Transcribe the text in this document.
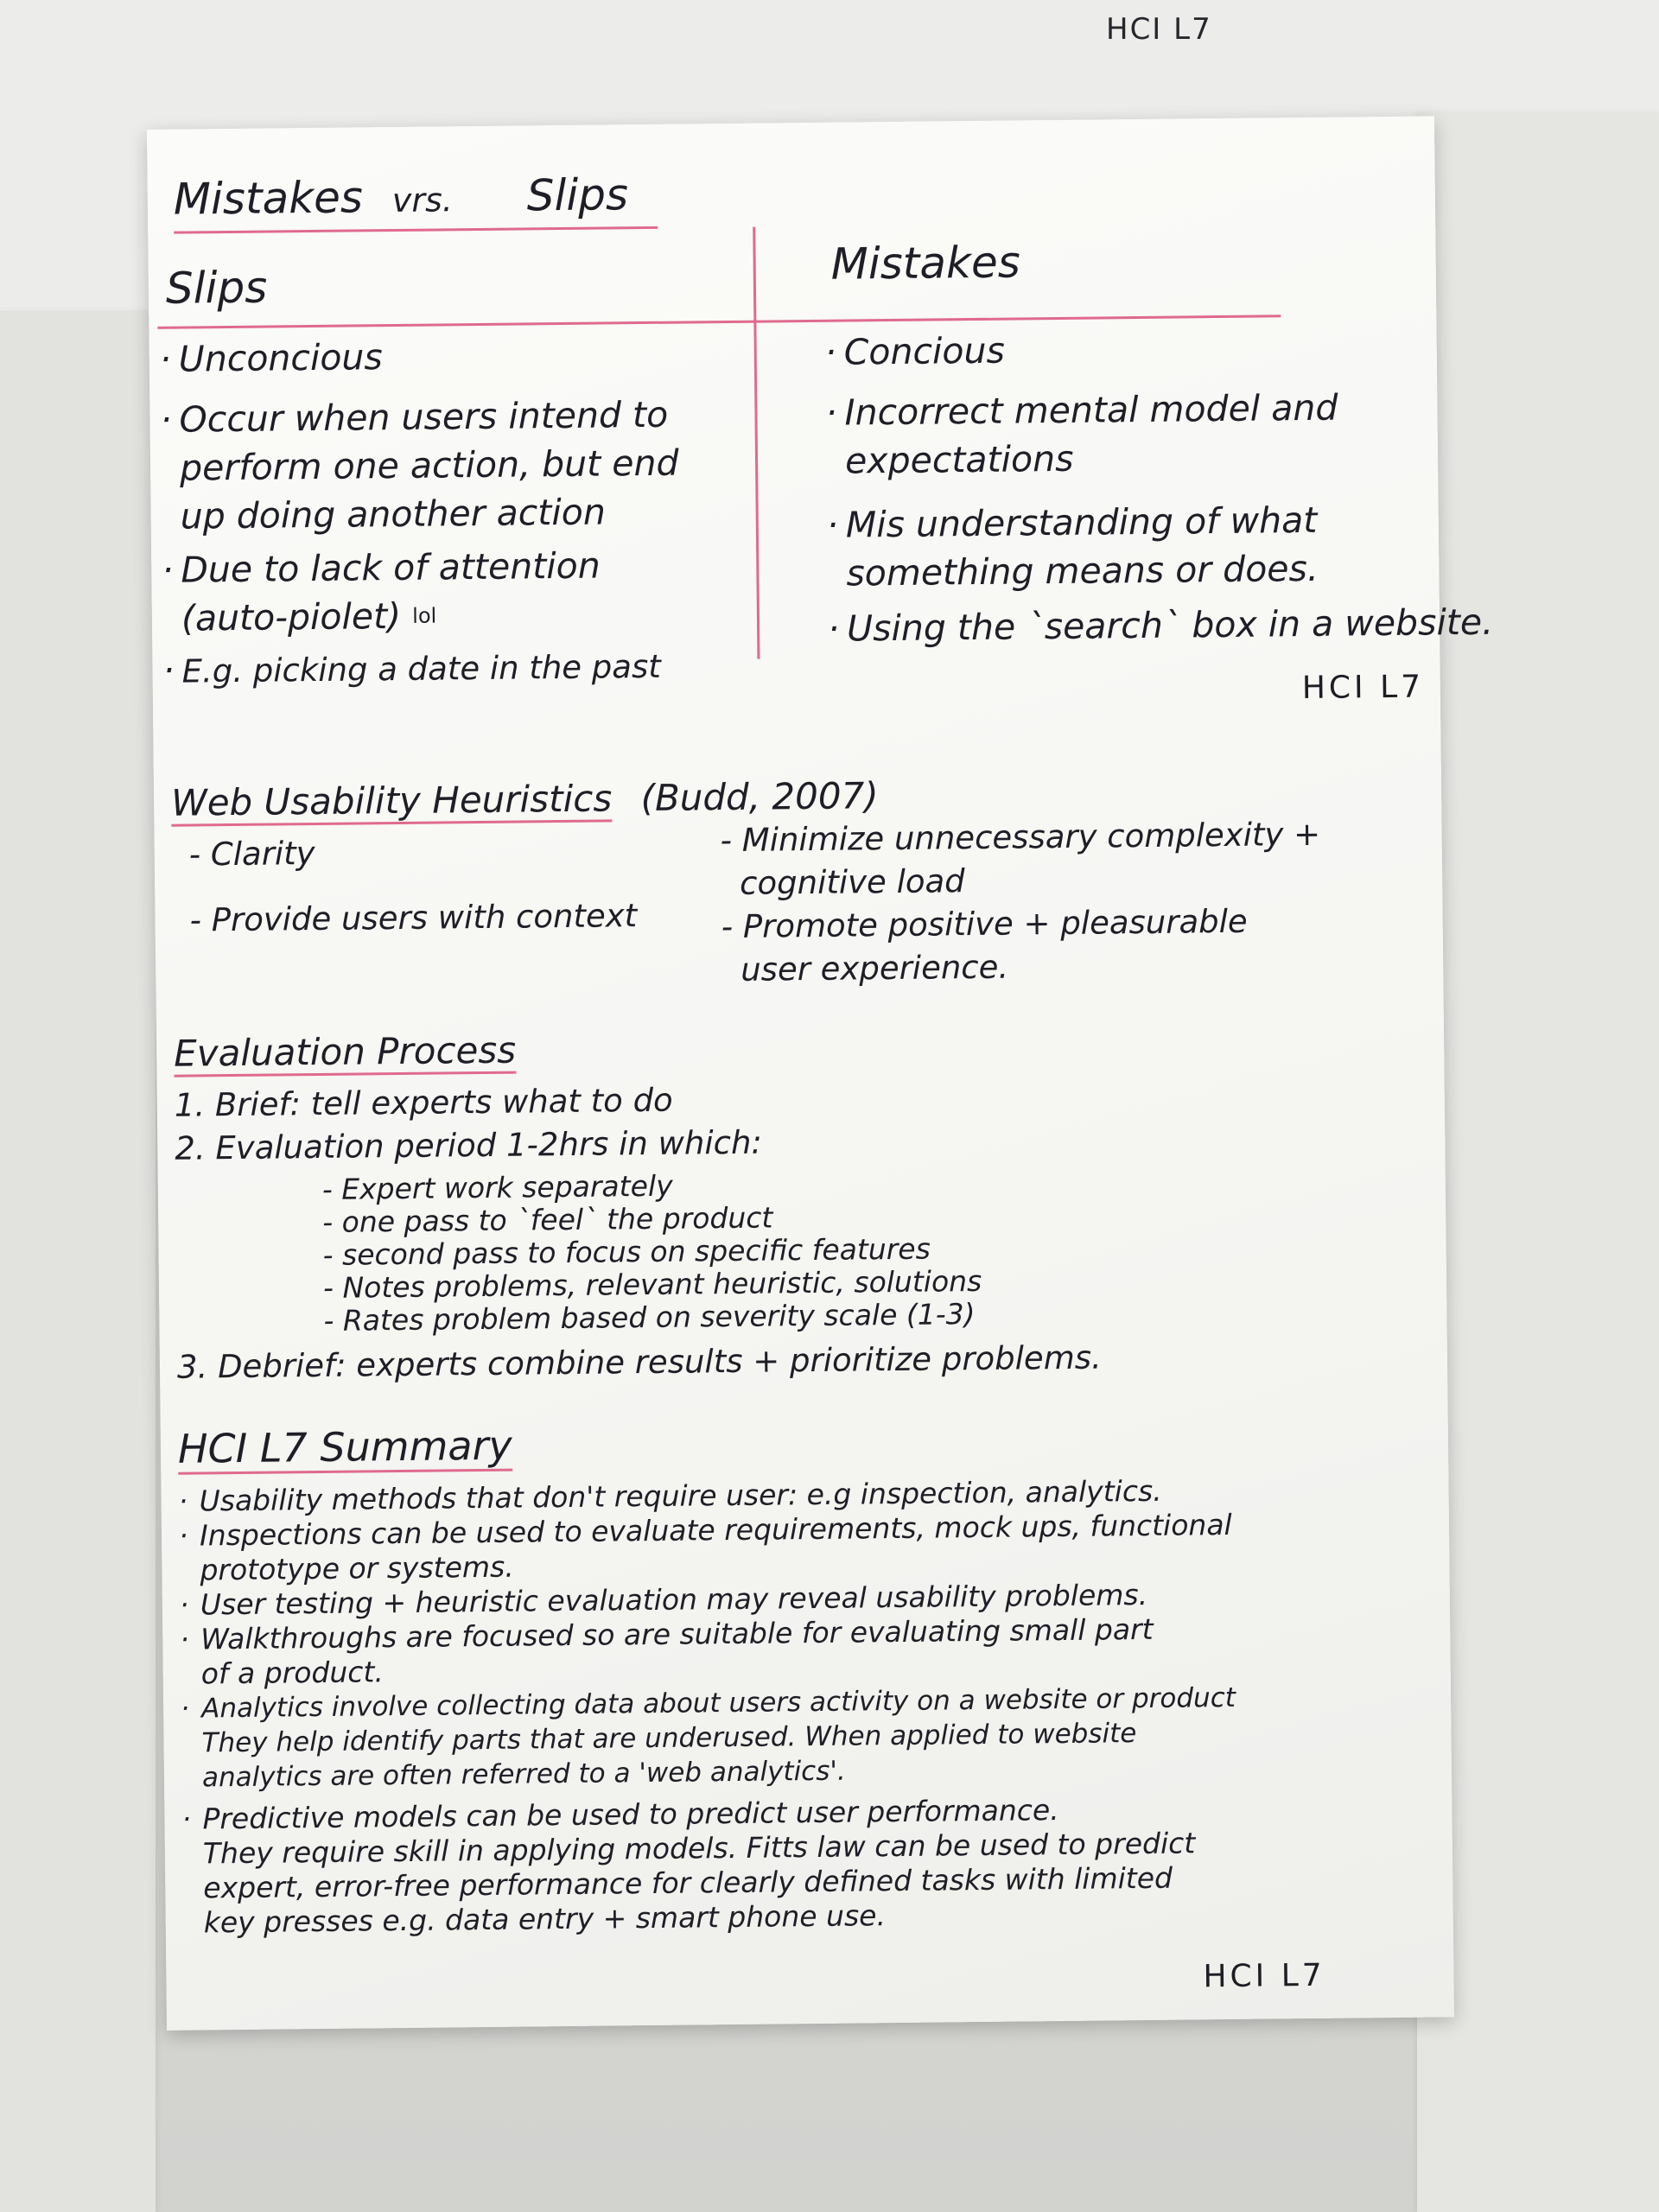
HCI L7
Mistakes vrs. Slips
Slips	Mistakes
· Unconcious
· Occur when users intend to
perform one action, but end
up doing another action
· Due to lack of attention
(auto-piolet) $^{lol}$
· E.g. picking a date in the past
· Concious
· Incorrect mental model and
expectations
· Mis understanding of what
something means or does.
· Using the `search` box in a website.
HCI L7
Web Usability Heuristics (Budd, 2007)
- Clarity
- Provide users with context
- Minimize unnecessary complexity +
cognitive load
- Promote positive + pleasurable
user experience.
Evaluation Process
1. Brief: tell experts what to do
2. Evaluation period 1-2hrs in which:
- Expert work separately
- one pass to `feel` the product
- second pass to focus on specific features
- Notes problems, relevant heuristic, solutions
- Rates problem based on severity scale (1-3)
3. Debrief: experts combine results + prioritize problems.
HCI L7 Summary
· Usability methods that don't require user: e.g inspection, analytics.
· Inspections can be used to evaluate requirements, mock ups, functional
prototype or systems.
· User testing + heuristic evaluation may reveal usability problems.
· Walkthroughs are focused so are suitable for evaluating small part
of a product.
· Analytics involve collecting data about users activity on a website or product
They help identify parts that are underused. When applied to website
analytics are often referred to a 'web analytics'.
· Predictive models can be used to predict user performance.
They require skill in applying models. Fitts law can be used to predict
expert, error-free performance for clearly defined tasks with limited
key presses e.g. data entry + smart phone use.
HCI L7
